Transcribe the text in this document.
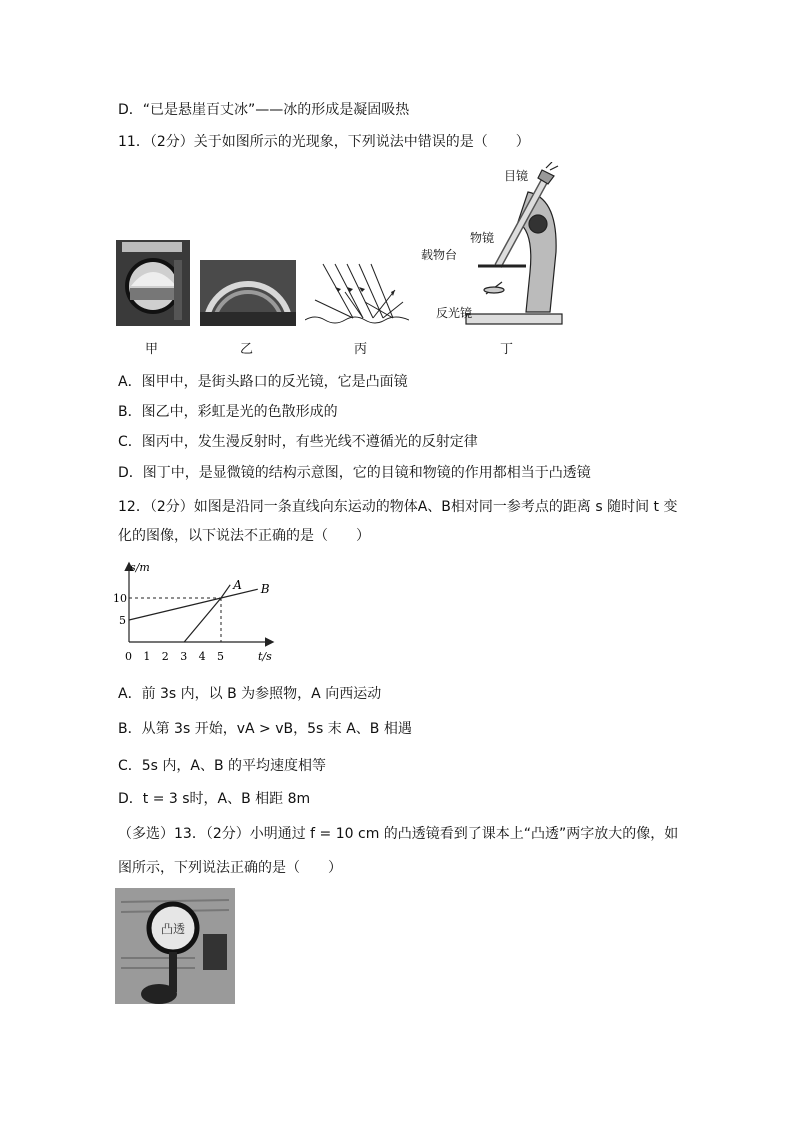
D．“已是悬崖百丈冰”——冰的形成是凝固吸热
11．（2分）关于如图所示的光现象，下列说法中错误的是（　　）
甲	乙	丙
目镜
物镜
载物台
反光镜
丁
A．图甲中，是街头路口的反光镜，它是凸面镜
B．图乙中，彩虹是光的色散形成的
C．图丙中，发生漫反射时，有些光线不遵循光的反射定律
D．图丁中，是显微镜的结构示意图，它的目镜和物镜的作用都相当于凸透镜
12．（2分）如图是沿同一条直线向东运动的物体A、B相对同一参考点的距离 s 随时间 t 变
化的图像，以下说法不正确的是（　　）
s/m
t/s
0 1 2 3 4 5
5
10
A B
A．前 3s 内，以 B 为参照物，A 向西运动
B．从第 3s 开始，vA > vB，5s 末 A、B 相遇
C．5s 内，A、B 的平均速度相等
D．t = 3 s时，A、B 相距 8m
（多选）13．（2分）小明通过 f = 10 cm 的凸透镜看到了课本上“凸透”两字放大的像，如
图所示，下列说法正确的是（　　）
凸透
